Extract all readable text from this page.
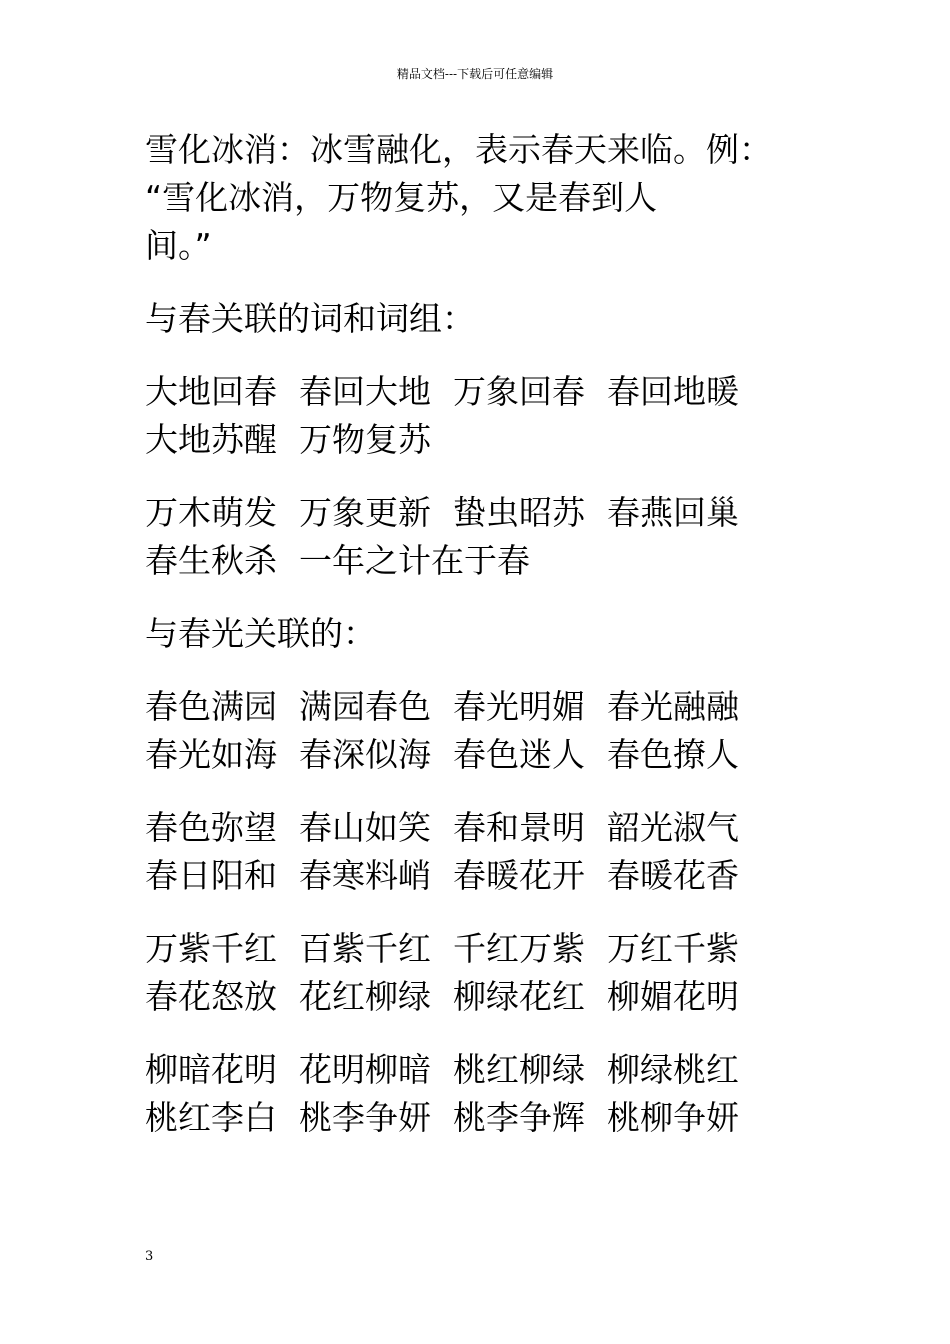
精品文档---下载后可任意编辑
雪化冰消：冰雪融化，表示春天来临。例：
“雪化冰消，万物复苏，又是春到人
间。”
与春关联的词和词组：
大地回春 春回大地 万象回春 春回地暖
大地苏醒 万物复苏
万木萌发 万象更新 蛰虫昭苏 春燕回巢
春生秋杀 一年之计在于春
与春光关联的：
春色满园 满园春色 春光明媚 春光融融
春光如海 春深似海 春色迷人 春色撩人
春色弥望 春山如笑 春和景明 韶光淑气
春日阳和 春寒料峭 春暖花开 春暖花香
万紫千红 百紫千红 千红万紫 万红千紫
春花怒放 花红柳绿 柳绿花红 柳媚花明
柳暗花明 花明柳暗 桃红柳绿 柳绿桃红
桃红李白 桃李争妍 桃李争辉 桃柳争妍
3
